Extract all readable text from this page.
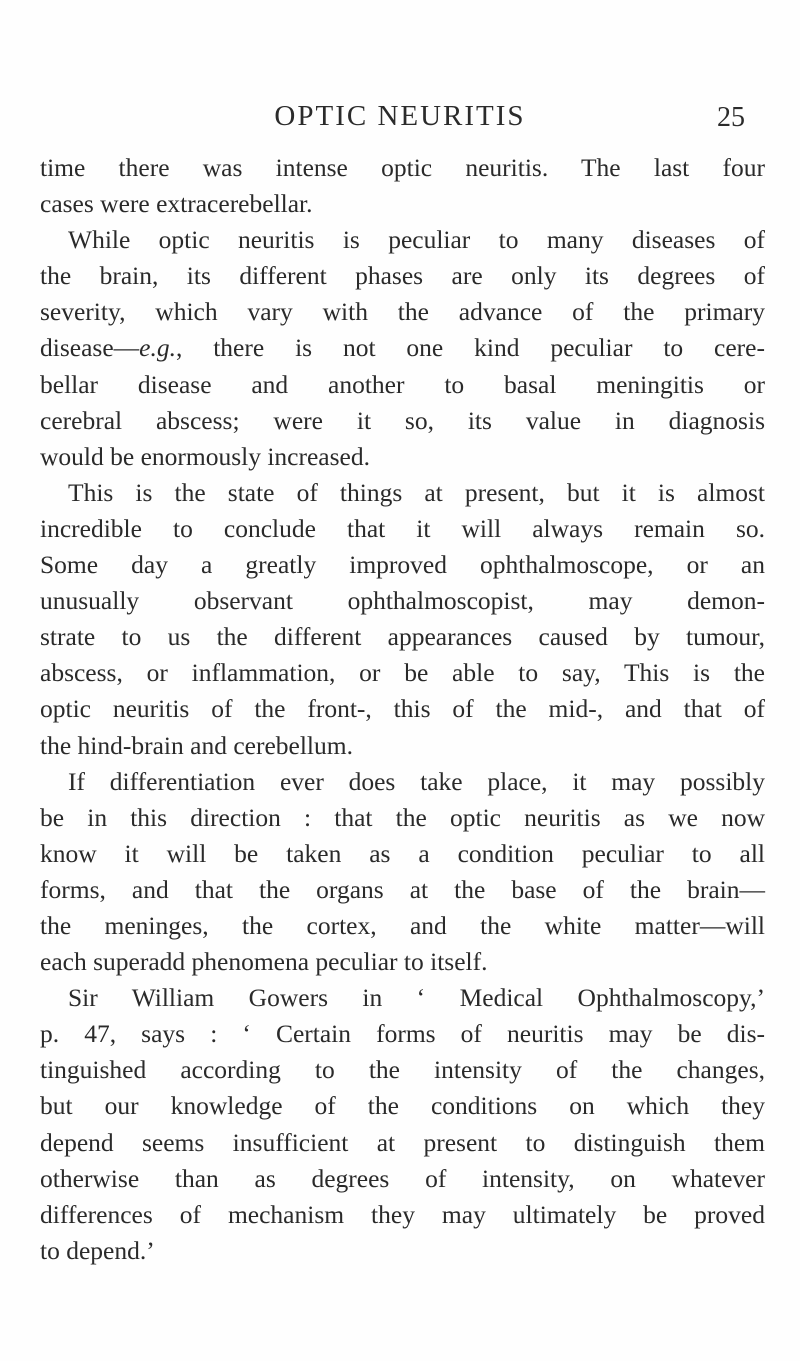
OPTIC NEURITIS	25
time there was intense optic neuritis. The last four
cases were extracerebellar.
While optic neuritis is peculiar to many diseases of
the brain, its different phases are only its degrees of
severity, which vary with the advance of the primary
disease—e.g., there is not one kind peculiar to cere-
bellar disease and another to basal meningitis or
cerebral abscess; were it so, its value in diagnosis
would be enormously increased.
This is the state of things at present, but it is almost
incredible to conclude that it will always remain so.
Some day a greatly improved ophthalmoscope, or an
unusually observant ophthalmoscopist, may demon-
strate to us the different appearances caused by tumour,
abscess, or inflammation, or be able to say, This is the
optic neuritis of the front-, this of the mid-, and that of
the hind-brain and cerebellum.
If differentiation ever does take place, it may possibly
be in this direction : that the optic neuritis as we now
know it will be taken as a condition peculiar to all
forms, and that the organs at the base of the brain—
the meninges, the cortex, and the white matter—will
each superadd phenomena peculiar to itself.
Sir William Gowers in ‘ Medical Ophthalmoscopy,’
p. 47, says : ‘ Certain forms of neuritis may be dis-
tinguished according to the intensity of the changes,
but our knowledge of the conditions on which they
depend seems insufficient at present to distinguish them
otherwise than as degrees of intensity, on whatever
differences of mechanism they may ultimately be proved
to depend.’
